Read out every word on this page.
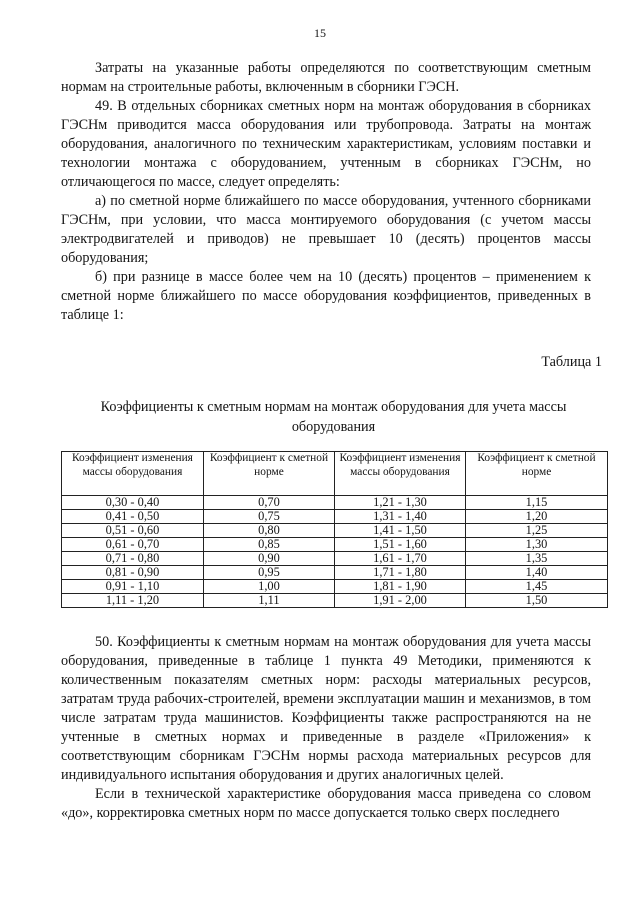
15

Затраты на указанные работы определяются по соответствующим сметным нормам на строительные работы, включенным в сборники ГЭСН.

49. В отдельных сборниках сметных норм на монтаж оборудования в сборниках ГЭСНм приводится масса оборудования или трубопровода. Затраты на монтаж оборудования, аналогичного по техническим характеристикам, условиям поставки и технологии монтажа с оборудованием, учтенным в сборниках ГЭСНм, но отличающегося по массе, следует определять:

а) по сметной норме ближайшего по массе оборудования, учтенного сборниками ГЭСНм, при условии, что масса монтируемого оборудования (с учетом массы электродвигателей и приводов) не превышает 10 (десять) процентов массы оборудования;

б) при разнице в массе более чем на 10 (десять) процентов – применением к сметной норме ближайшего по массе оборудования коэффициентов, приведенных в таблице 1:

Таблица 1
Коэффициенты к сметным нормам на монтаж оборудования для учета массы оборудования
Коэффициент изменения массы оборудования	Коэффициент к сметной норме	Коэффициент изменения массы оборудования	Коэффициент к сметной норме
0,30 - 0,40	0,70	1,21 - 1,30	1,15
0,41 - 0,50	0,75	1,31 - 1,40	1,20
0,51 - 0,60	0,80	1,41 - 1,50	1,25
0,61 - 0,70	0,85	1,51 - 1,60	1,30
0,71 - 0,80	0,90	1,61 - 1,70	1,35
0,81 - 0,90	0,95	1,71 - 1,80	1,40
0,91 - 1,10	1,00	1,81 - 1,90	1,45
1,11 - 1,20	1,11	1,91 - 2,00	1,50

50. Коэффициенты к сметным нормам на монтаж оборудования для учета массы оборудования, приведенные в таблице 1 пункта 49 Методики, применяются к количественным показателям сметных норм: расходы материальных ресурсов, затратам труда рабочих-строителей, времени эксплуатации машин и механизмов, в том числе затратам труда машинистов. Коэффициенты также распространяются на не учтенные в сметных нормах и приведенные в разделе «Приложения» к соответствующим сборникам ГЭСНм нормы расхода материальных ресурсов для индивидуального испытания оборудования и других аналогичных целей.

Если в технической характеристике оборудования масса приведена со словом «до», корректировка сметных норм по массе допускается только сверх последнего
